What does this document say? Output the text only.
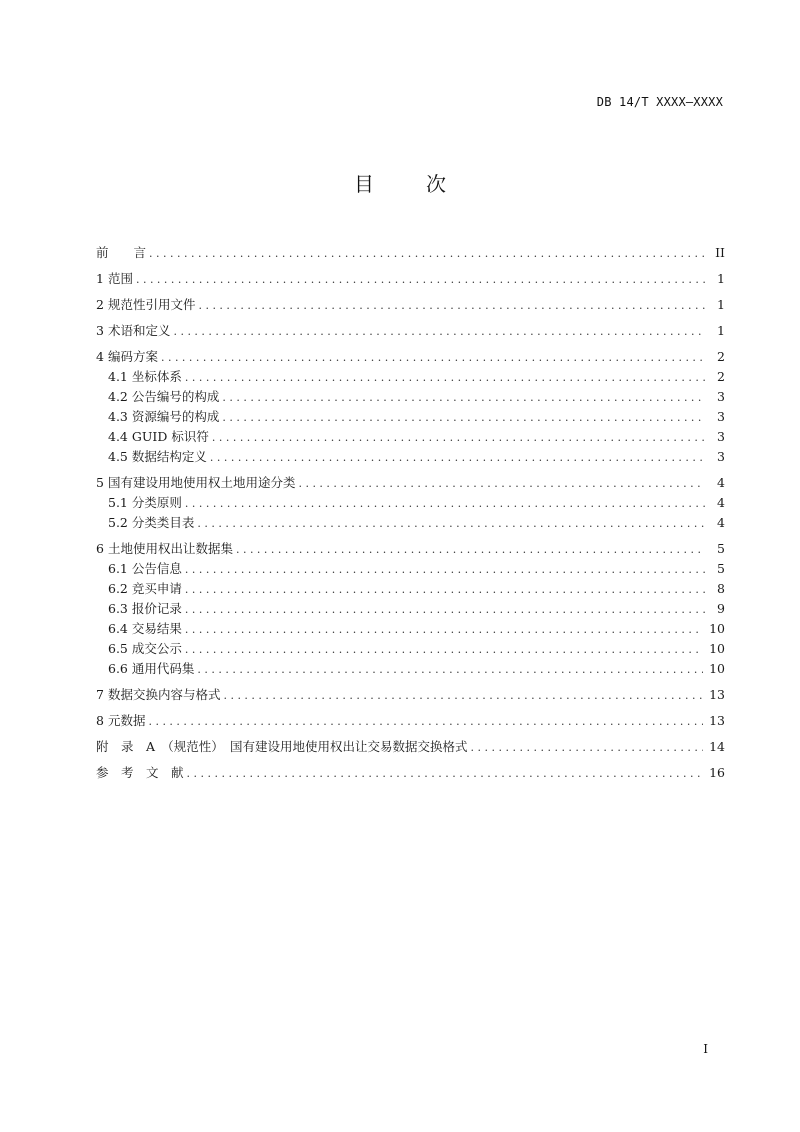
DB 14/T XXXX—XXXX
目	次
前　　言 . . .	II
1 范围 . . .	1
2 规范性引用文件 . . .	1
3 术语和定义 . . .	1
4 编码方案 . . .	2
4.1 坐标体系 . . .	2
4.2 公告编号的构成 . . .	3
4.3 资源编号的构成 . . .	3
4.4 GUID 标识符 . . .	3
4.5 数据结构定义 . . .	3
5 国有建设用地使用权土地用途分类 . . .	4
5.1 分类原则 . . .	4
5.2 分类类目表 . . .	4
6 土地使用权出让数据集 . . .	5
6.1 公告信息 . . .	5
6.2 竞买申请 . . .	8
6.3 报价记录 . . .	9
6.4 交易结果 . . .	10
6.5 成交公示 . . .	10
6.6 通用代码集 . . .	10
7 数据交换内容与格式 . . .	13
8 元数据 . . .	13
附　录　A　（规范性）　国有建设用地使用权出让交易数据交换格式 . . .	14
参　考　文　献 . . .	16
I
